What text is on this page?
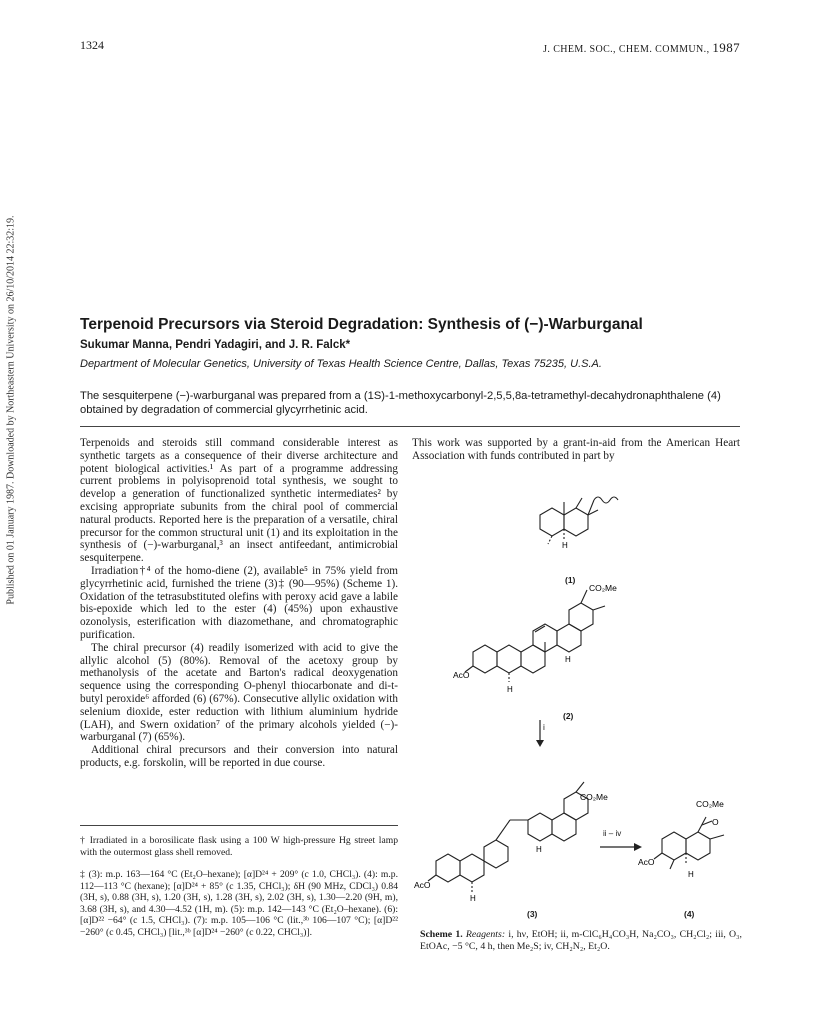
1324	J. CHEM. SOC., CHEM. COMMUN., 1987
Published on 01 January 1987. Downloaded by Northeastern University on 26/10/2014 22:32:19.	Terpenoid Precursors via Steroid Degradation: Synthesis of (−)-Warburganal
Sukumar Manna, Pendri Yadagiri, and J. R. Falck*
Department of Molecular Genetics, University of Texas Health Science Centre, Dallas, Texas 75235, U.S.A.
The sesquiterpene (−)-warburganal was prepared from a (1S)-1-methoxycarbonyl-2,5,5,8a-tetramethyl-decahydronaphthalene (4) obtained by degradation of commercial glycyrrhetinic acid.

Terpenoids and steroids still command considerable interest as synthetic targets as a consequence of their diverse architecture and potent biological activities.¹ As part of a programme addressing current problems in polyisoprenoid total synthesis, we sought to develop a generation of functionalized synthetic intermediates² by excising appropriate subunits from the chiral pool of commercial natural products. Reported here is the preparation of a versatile, chiral precursor for the common structural unit (1) and its exploitation in the synthesis of (−)-warburganal,³ an insect antifeedant, antimicrobial sesquiterpene.

Irradiation†⁴ of the homo-diene (2), available⁵ in 75% yield from glycyrrhetinic acid, furnished the triene (3)‡ (90—95%) (Scheme 1). Oxidation of the tetrasubstituted olefins with peroxy acid gave a labile bis-epoxide which led to the ester (4) (45%) upon exhaustive ozonolysis, esterification with diazomethane, and chromatographic purification.

The chiral precursor (4) readily isomerized with acid to give the allylic alcohol (5) (80%). Removal of the acetoxy group by methanolysis of the acetate and Barton's radical deoxygenation sequence using the corresponding O-phenyl thiocarbonate and di-t-butyl peroxide⁶ afforded (6) (67%). Consecutive allylic oxidation with selenium dioxide, ester reduction with lithium aluminium hydride (LAH), and Swern oxidation⁷ of the primary alcohols yielded (−)-warburganal (7) (65%).

Additional chiral precursors and their conversion into natural products, e.g. forskolin, will be reported in due course.

† Irradiated in a borosilicate flask using a 100 W high-pressure Hg street lamp with the outermost glass shell removed.
‡ (3): m.p. 163—164 °C (Et₂O–hexane); [α]D²⁴ + 209° (c 1.0, CHCl₃). (4): m.p. 112—113 °C (hexane); [α]D²⁴ + 85° (c 1.35, CHCl₃); δH (90 MHz, CDCl₃) 0.84 (3H, s), 0.88 (3H, s), 1.20 (3H, s), 1.28 (3H, s), 2.02 (3H, s), 1.30—2.20 (9H, m), 3.68 (3H, s), and 4.30—4.52 (1H, m). (5): m.p. 142—143 °C (Et₂O–hexane). (6): [α]D²² −64° (c 1.5, CHCl₃). (7): m.p. 105—106 °C (lit.,³ᵇ 106—107 °C); [α]D²² −260° (c 0.45, CHCl₃) [lit.,³ᵇ [α]D²⁴ −260° (c 0.22, CHCl₃)].
This work was supported by a grant-in-aid from the American Heart Association with funds contributed in part by
H
(1)
CO₂Me
AcO
H
H
(2)
i
CO₂Me
AcO
H
H
(3)
ii – iv
CO₂Me
O
AcO
H
(4)
Scheme 1. Reagents: i, hν, EtOH; ii, m-ClC₆H₄CO₃H, Na₂CO₃, CH₂Cl₂; iii, O₃, EtOAc, −5 °C, 4 h, then Me₂S; iv, CH₂N₂, Et₂O.
